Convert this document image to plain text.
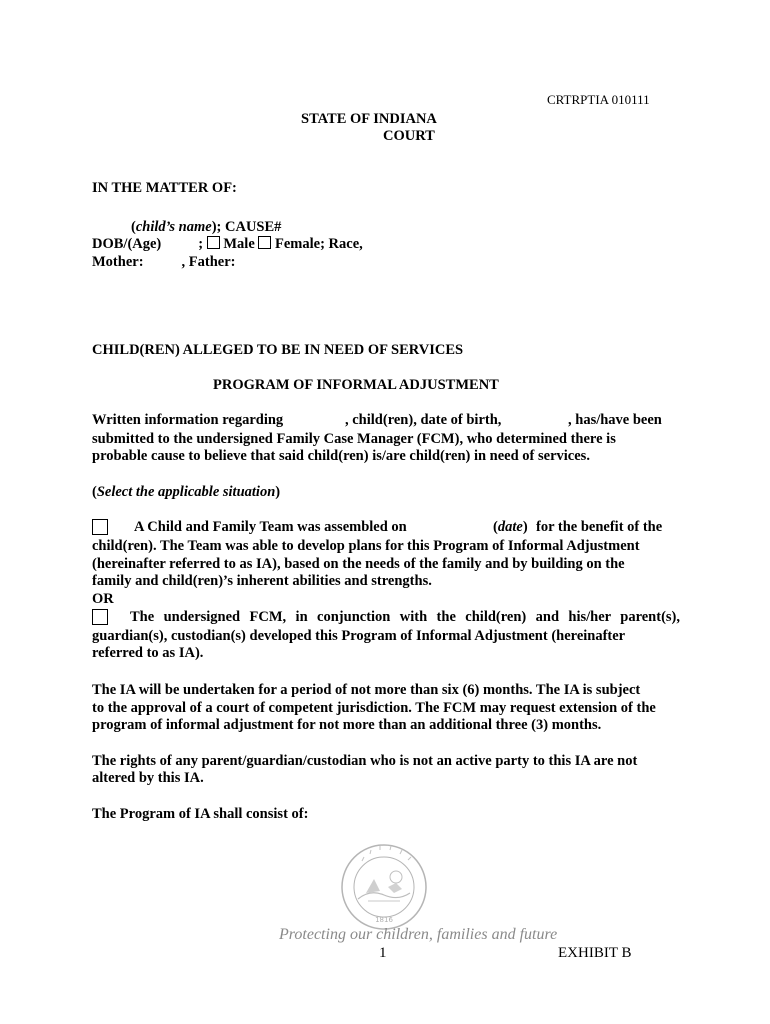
CRTRPTIA 010111
STATE OF INDIANA
COURT
IN THE MATTER OF:
(child’s name); CAUSE#
DOB/(Age)	;  Male Female; Race,
Mother:	, Father:
CHILD(REN) ALLEGED TO BE IN NEED OF SERVICES
PROGRAM OF INFORMAL ADJUSTMENT
Written information regarding	, child(ren), date of birth,	, has/have been
submitted to the undersigned Family Case Manager (FCM), who determined there is
probable cause to believe that said child(ren) is/are child(ren) in need of services.
(Select the applicable situation)
A Child and Family Team was assembled on	(date) for the benefit of the
child(ren). The Team was able to develop plans for this Program of Informal Adjustment
(hereinafter referred to as IA), based on the needs of the family and by building on the
family and child(ren)’s inherent abilities and strengths.
OR
The undersigned FCM, in conjunction with the child(ren) and his/her parent(s),
guardian(s), custodian(s) developed this Program of Informal Adjustment (hereinafter
referred to as IA).
The IA will be undertaken for a period of not more than six (6) months. The IA is subject
to the approval of a court of competent jurisdiction. The FCM may request extension of the
program of informal adjustment for not more than an additional three (3) months.
The rights of any parent/guardian/custodian who is not an active party to this IA are not
altered by this IA.
The Program of IA shall consist of:
1816
Protecting our children, families and future
1	EXHIBIT B
